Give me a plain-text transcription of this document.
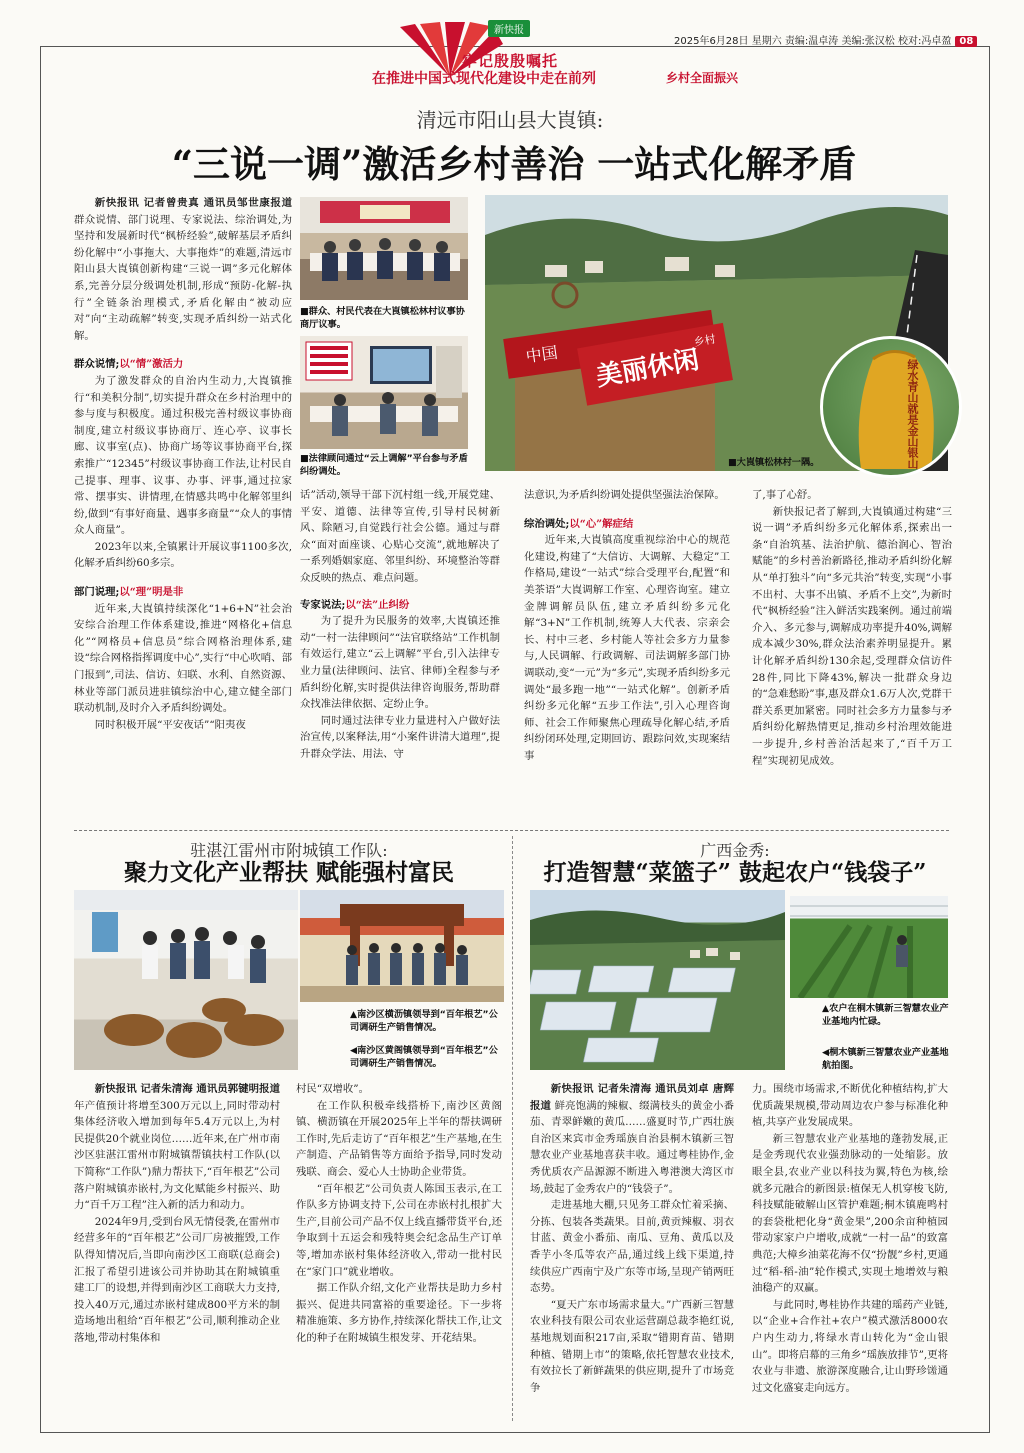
新快报
牢记殷殷嘱托
在推进中国式现代化建设中走在前列	乡村全面振兴
2025年6月28日 星期六 责编:温卓涛 美编:张汉松 校对:冯卓盈 08
清远市阳山县大崀镇:
“三说一调”激活乡村善治 一站式化解矛盾

新快报讯 记者曾贵真 通讯员邹世康报道 群众说情、部门说理、专家说法、综治调处,为坚持和发展新时代“枫桥经验”,破解基层矛盾纠纷化解中“小事拖大、大事拖炸”的难题,清远市阳山县大崀镇创新构建“三说一调”多元化解体系,完善分层分级调处机制,形成“预防-化解-执行”全链条治理模式,矛盾化解由“被动应对”向“主动疏解”转变,实现矛盾纠纷一站式化解。

群众说情;以“情”激活力

为了激发群众的自治内生动力,大崀镇推行“和美积分制”,切实提升群众在乡村治理中的参与度与积极度。通过积极完善村级议事协商制度,建立村级议事协商厅、连心亭、议事长廊、议事室(点)、协商广场等议事协商平台,探索推广“12345”村级议事协商工作法,让村民自己提事、理事、议事、办事、评事,通过拉家常、摆事实、讲情理,在情感共鸣中化解邻里纠纷,做到“有事好商量、遇事多商量”“众人的事情众人商量”。

2023年以来,全镇累计开展议事1100多次,化解矛盾纠纷60多宗。

部门说理;以“理”明是非

近年来,大崀镇持续深化“1+6+N”社会治安综合治理工作体系建设,推进“网格化+信息化”“网格员+信息员”综合网格治理体系,建设“综合网格指挥调度中心”,实行“中心吹哨、部门报到”,司法、信访、妇联、水利、自然资源、林业等部门派员进驻镇综治中心,建立健全部门联动机制,及时介入矛盾纠纷调处。

同时积极开展“平安夜话”“阳夷夜

■群众、村民代表在大崀镇松林村议事协商厅议事。
■法律顾问通过“云上调解”平台参与矛盾纠纷调处。
中国 美丽休闲
乡村
绿水青山就是金山银山
■大崀镇松林村一隅。

话”活动,领导干部下沉村组一线,开展党建、平安、道德、法律等宣传,引导村民树新风、除陋习,自觉践行社会公德。通过与群众“面对面座谈、心贴心交流”,就地解决了一系列婚姻家庭、邻里纠纷、环境整治等群众反映的热点、难点问题。

专家说法;以“法”止纠纷

为了提升为民服务的效率,大崀镇还推动“一村一法律顾问”“法官联络站”工作机制有效运行,建立“云上调解”平台,引入法律专业力量(法律顾问、法官、律师)全程参与矛盾纠纷化解,实时提供法律咨询服务,帮助群众找准法律依据、定纷止争。

同时通过法律专业力量进村入户做好法治宣传,以案释法,用“小案件讲清大道理”,提升群众学法、用法、守

法意识,为矛盾纠纷调处提供坚强法治保障。

综治调处;以“心”解症结

近年来,大崀镇高度重视综治中心的规范化建设,构建了“大信访、大调解、大稳定”工作格局,建设“一站式”综合受理平台,配置“和美茶语”大崀调解工作室、心理咨询室。建立金牌调解员队伍,建立矛盾纠纷多元化解“3+N”工作机制,统筹人大代表、宗亲会长、村中三老、乡村能人等社会多方力量参与,人民调解、行政调解、司法调解多部门协调联动,变“一元”为“多元”,实现矛盾纠纷多元调处“最多跑一地”“一站式化解”。创新矛盾纠纷多元化解“五步工作法”,引入心理咨询师、社会工作师聚焦心理疏导化解心结,矛盾纠纷闭环处理,定期回访、跟踪问效,实现案结事

了,事了心舒。

新快报记者了解到,大崀镇通过构建“三说一调”矛盾纠纷多元化解体系,探索出一条“自治筑基、法治护航、德治润心、智治赋能”的乡村善治新路径,推动矛盾纠纷化解从“单打独斗”向“多元共治”转变,实现“小事不出村、大事不出镇、矛盾不上交”,为新时代“枫桥经验”注入鲜活实践案例。通过前端介入、多元参与,调解成功率提升40%,调解成本减少30%,群众法治素养明显提升。累计化解矛盾纠纷130余起,受理群众信访件28件,同比下降43%,解决一批群众身边的“急难愁盼”事,惠及群众1.6万人次,党群干群关系更加紧密。同时社会多方力量参与矛盾纠纷化解热情更足,推动乡村治理效能进一步提升,乡村善治活起来了,“百千万工程”实现初见成效。

驻湛江雷州市附城镇工作队:
聚力文化产业帮扶 赋能强村富民
▲南沙区横沥镇领导到“百年根艺”公司调研生产销售情况。
◀南沙区黄阁镇领导到“百年根艺”公司调研生产销售情况。

新快报讯 记者朱清海 通讯员郭键明报道 年产值预计将增至300万元以上,同时带动村集体经济收入增加到每年5.4万元以上,为村民提供20个就业岗位……近年来,在广州市南沙区驻湛江雷州市附城镇帮镇扶村工作队(以下简称“工作队”)鼎力帮扶下,“百年根艺”公司落户附城镇赤嵌村,为文化赋能乡村振兴、助力“百千万工程”注入新的活力和动力。

2024年9月,受到台风无情侵袭,在雷州市经营多年的“百年根艺”公司厂房被摧毁,工作队得知情况后,当即向南沙区工商联(总商会)汇报了希望引进该公司并协助其在附城镇重建工厂的设想,并得到南沙区工商联大力支持,投入40万元,通过赤嵌村建成800平方米的制造场地出租给“百年根艺”公司,顺利推动企业落地,带动村集体和

村民“双增收”。

在工作队积极牵线搭桥下,南沙区黄阁镇、横沥镇在开展2025年上半年的帮扶调研工作时,先后走访了“百年根艺”生产基地,在生产制造、产品销售等方面给予指导,同时发动残联、商会、爱心人士协助企业带货。

“百年根艺”公司负责人陈国玉表示,在工作队多方协调支持下,公司在赤嵌村扎根扩大生产,目前公司产品不仅上线直播带货平台,还争取到十五运会和残特奥会纪念品生产订单等,增加赤嵌村集体经济收入,带动一批村民在“家门口”就业增收。

据工作队介绍,文化产业帮扶是助力乡村振兴、促进共同富裕的重要途径。下一步将精准施策、多方协作,持续深化帮扶工作,让文化的种子在附城镇生根发芽、开花结果。

广西金秀:
打造智慧“菜篮子” 鼓起农户“钱袋子”
▲农户在桐木镇新三智慧农业产业基地内忙碌。
◀桐木镇新三智慧农业产业基地航拍图。

新快报讯 记者朱清海 通讯员刘卓 唐辉报道 鲜亮饱满的辣椒、缀满枝头的黄金小番茄、青翠鲜嫩的黄瓜……盛夏时节,广西壮族自治区来宾市金秀瑶族自治县桐木镇新三智慧农业产业基地喜获丰收。通过粤桂协作,金秀优质农产品源源不断进入粤港澳大湾区市场,鼓起了金秀农户的“钱袋子”。

走进基地大棚,只见务工群众忙着采摘、分拣、包装各类蔬果。目前,黄贡辣椒、羽衣甘蓝、黄金小番茄、南瓜、豆角、黄瓜以及香芋小冬瓜等农产品,通过线上线下渠道,持续供应广西南宁及广东等市场,呈现产销两旺态势。

“夏天广东市场需求量大。”广西新三智慧农业科技有限公司农业运营副总裁李艳红说,基地规划面积217亩,采取“错期育苗、错期种植、错期上市”的策略,依托智慧农业技术,有效拉长了新鲜蔬果的供应期,提升了市场竞争

力。围绕市场需求,不断优化种植结构,扩大优质蔬果规模,带动周边农户参与标准化种植,共享产业发展成果。

新三智慧农业产业基地的蓬勃发展,正是金秀现代农业强劲脉动的一处缩影。放眼全县,农业产业以科技为翼,特色为核,绘就多元融合的新图景:植保无人机穿梭飞防,科技赋能破解山区管护难题;桐木镇鹿鸣村的套袋枇杷化身“黄金果”,200余亩种植园带动家家户户增收,成就“一村一品”的致富典范;大樟乡油菜花海不仅“扮靓”乡村,更通过“稻-稻-油”轮作模式,实现土地增效与粮油稳产的双赢。

与此同时,粤桂协作共建的瑶药产业链,以“企业+合作社+农户”模式激活8000农户内生动力,将绿水青山转化为“金山银山”。即将启幕的三角乡“瑶族放排节”,更将农业与非遗、旅游深度融合,让山野珍馐通过文化盛宴走向远方。
